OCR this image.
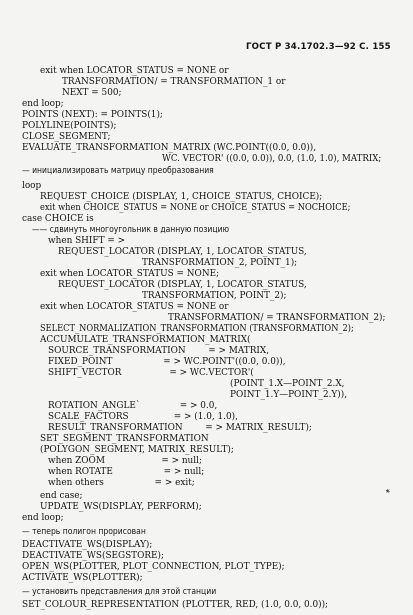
ГОСТ Р 34.1702.3—92 С. 155
exit when LOCATOR_STATUS = NONE or
TRANSFORMATION/ = TRANSFORMATION_1 or
NEXT = 500;
end loop;
POINTS (NEXT): = POINTS(1);
POLYLINE(POINTS);
CLOSE_SEGMENT;
EVALUATE_TRANSFORMATION_MATRIX (WC.POINT((0.0, 0.0)),
WC. VECTOR' ((0.0, 0.0)), 0.0, (1.0, 1.0), MATRIX;
— инициализировать матрицу преобразования
loop
REQUEST_CHOICE (DISPLAY, 1, CHOICE_STATUS, CHOICE);
exit when CHOICE_STATUS = NONE or CHOICE_STATUS = NOCHOICE;
case CHOICE is
—— сдвинуть многоугольник в данную позицию
when SHIFT = >
REQUEST_LOCATOR (DISPLAY, 1, LOCATOR_STATUS,
TRANSFORMATION_2, POINT_1);
exit when LOCATOR_STATUS = NONE;
REQUEST_LOCATOR (DISPLAY, 1, LOCATOR_STATUS,
TRANSFORMATION, POINT_2);
exit when LOCATOR_STATUS = NONE or
TRANSFORMATION/ = TRANSFORMATION_2);
SELECT_NORMALIZATION_TRANSFORMATION (TRANSFORMATION_2);
ACCUMULATE_TRANSFORMATION_MATRIX(
SOURCE_TRANSFORMATION        = > MATRIX,
FIXED_POINT                  = > WC.POINT'((0.0, 0.0)),
SHIFT_VECTOR                 = > WC.VECTOR'(
(POINT_1.X—POINT_2.X,
POINT_1.Y—POINT_2.Y)),
ROTATION_ANGLE`              = > 0.0,
SCALE_FACTORS                = > (1.0, 1.0),
RESULT_TRANSFORMATION        = > MATRIX_RESULT);
SET_SEGMENT_TRANSFORMATION
(POLYGON_SEGMENT, MATRIX_RESULT);
when ZOOM                    = > null;
when ROTATE                  = > null;
when others                  = > exit;
end case;
UPDATE_WS(DISPLAY, PERFORM);
end loop;
— теперь полигон прорисован
DEACTIVATE_WS(DISPLAY);
DEACTIVATE_WS(SEGSTORE);
OPEN_WS(PLOTTER, PLOT_CONNECTION, PLOT_TYPE);
ACTIVATE_WS(PLOTTER);
— установить представления для этой станции
SET_COLOUR_REPRESENTATION (PLOTTER, RED, (1.0, 0.0, 0.0));
*
